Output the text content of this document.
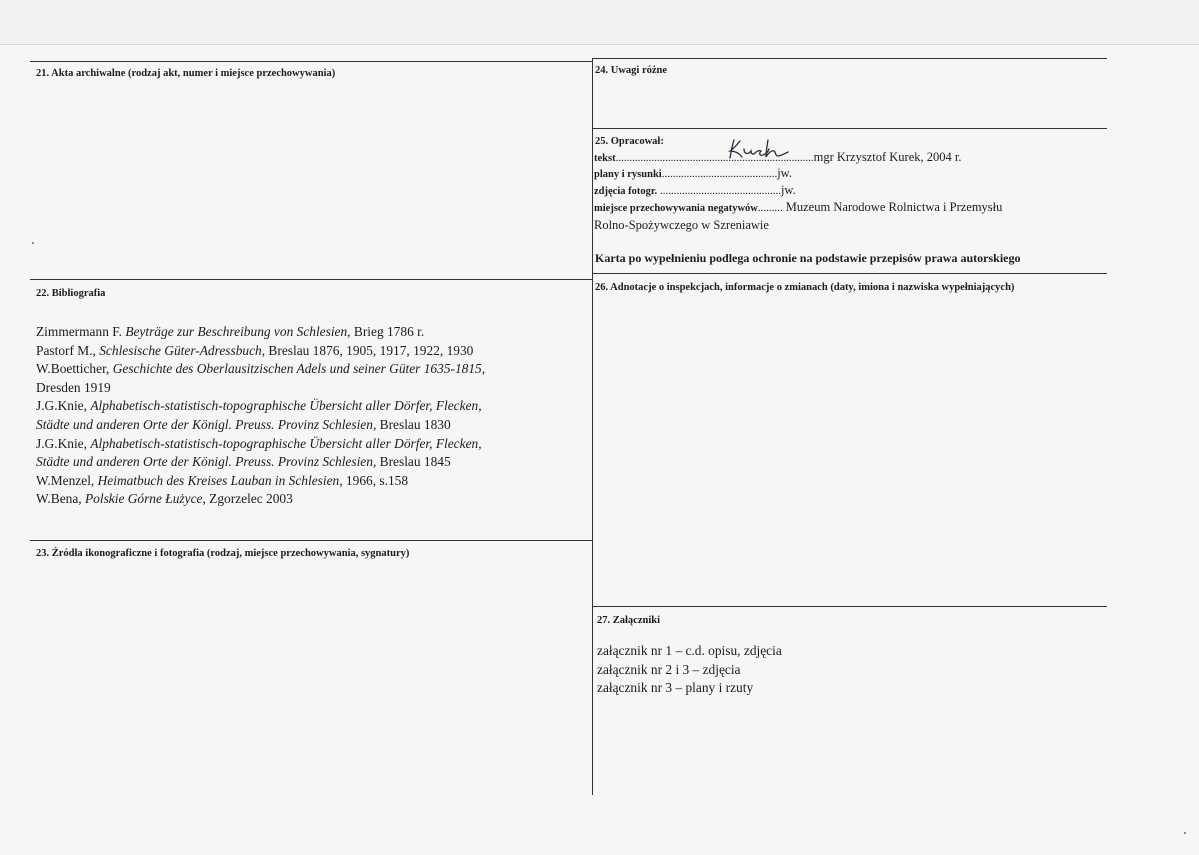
21. Akta archiwalne (rodzaj akt, numer i miejsce przechowywania)
22. Bibliografia
Zimmermann F. Beyträge zur Beschreibung von Schlesien, Brieg 1786 r.
Pastorf M., Schlesische Güter-Adressbuch, Breslau 1876, 1905, 1917, 1922, 1930
W.Boetticher, Geschichte des Oberlausitzischen Adels und seiner Güter 1635-1815,
Dresden 1919
J.G.Knie, Alphabetisch-statistisch-topographische Übersicht aller Dörfer, Flecken,
Städte und anderen Orte der Königl. Preuss. Provinz Schlesien, Breslau 1830
J.G.Knie, Alphabetisch-statistisch-topographische Übersicht aller Dörfer, Flecken,
Städte und anderen Orte der Königl. Preuss. Provinz Schlesien, Breslau 1845
W.Menzel, Heimatbuch des Kreises Lauban in Schlesien, 1966, s.158
W.Bena, Polskie Górne Łużyce, Zgorzelec 2003
23. Źródła ikonograficzne i fotografia (rodzaj, miejsce przechowywania, sygnatury)
24. Uwagi różne
25. Opracował:
tekst........................................................................mgr Krzysztof Kurek, 2004 r.
plany i rysunki..........................................jw.
zdjęcia fotogr. ............................................jw.
miejsce przechowywania negatywów......... Muzeum Narodowe Rolnictwa i Przemysłu
Rolno-Spożywczego w Szreniawie
Karta po wypełnieniu podlega ochronie na podstawie przepisów prawa autorskiego
26. Adnotacje o inspekcjach, informacje o zmianach (daty, imiona i nazwiska wypełniających)
27. Załączniki
załącznik nr 1 – c.d. opisu, zdjęcia
załącznik nr 2 i 3 – zdjęcia
załącznik nr 3 – plany i rzuty
